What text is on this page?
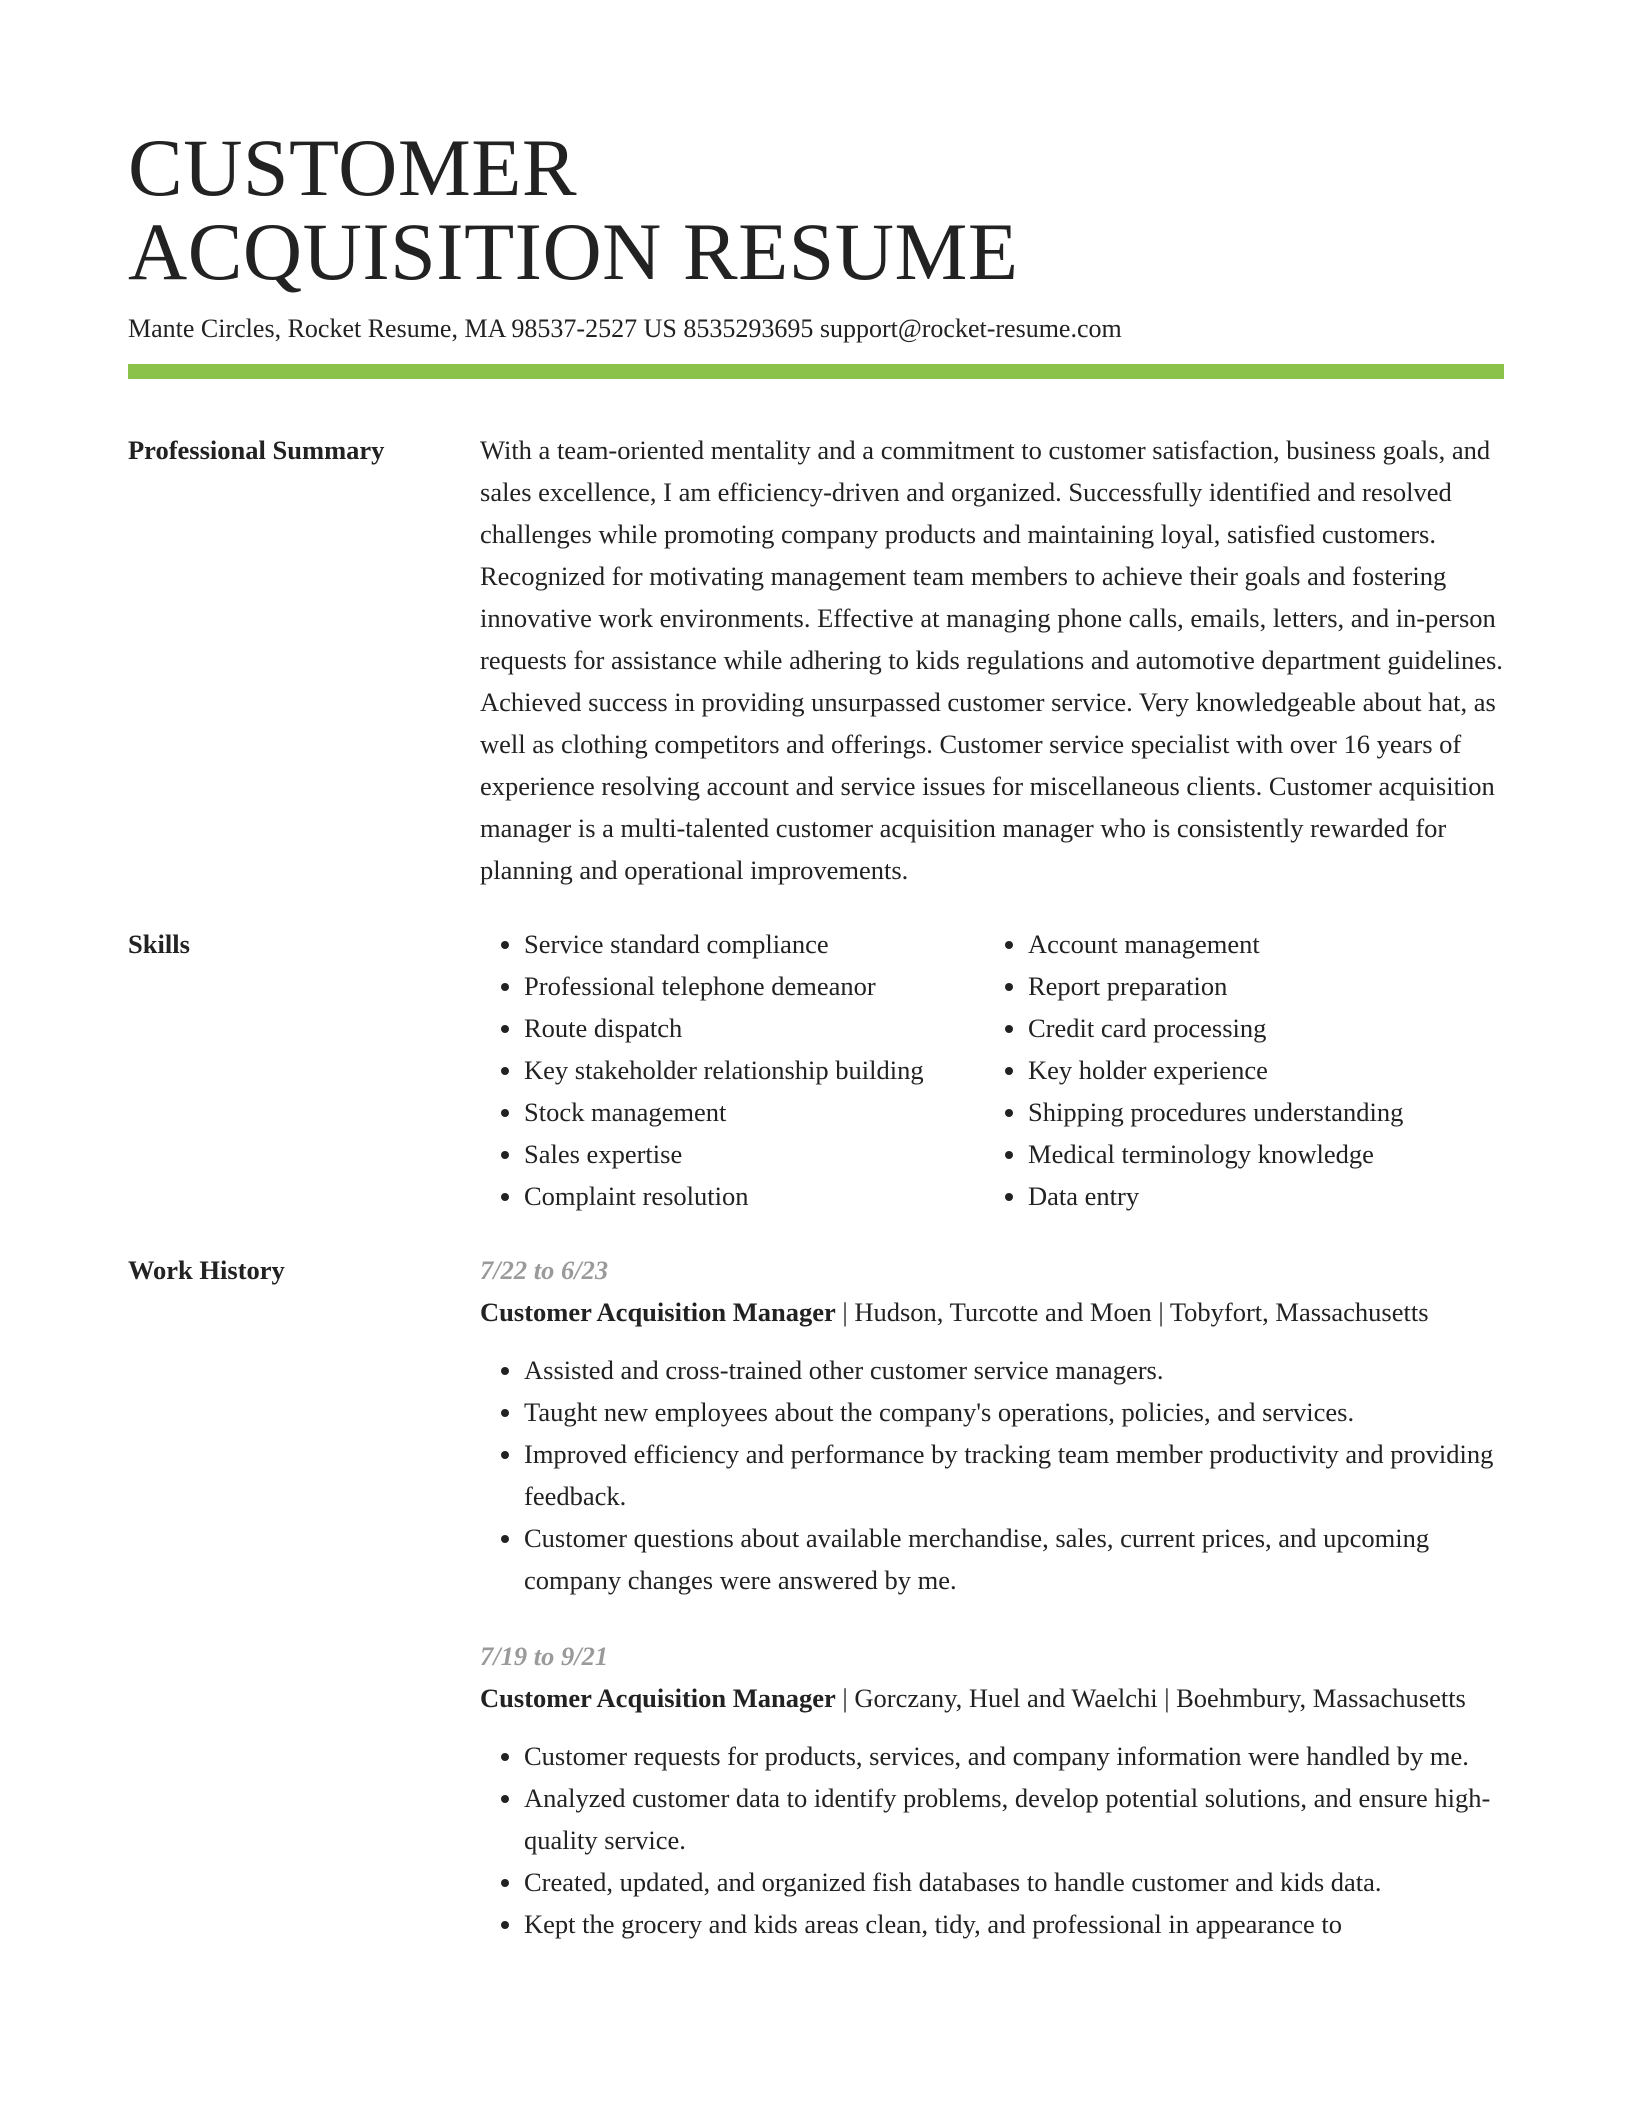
CUSTOMER
ACQUISITION RESUME
Mante Circles, Rocket Resume, MA 98537-2527 US 8535293695 support@rocket-resume.com
Professional Summary	With a team-oriented mentality and a commitment to customer satisfaction, business goals, and sales excellence, I am efficiency-driven and organized. Successfully identified and resolved challenges while promoting company products and maintaining loyal, satisfied customers. Recognized for motivating management team members to achieve their goals and fostering innovative work environments. Effective at managing phone calls, emails, letters, and in-person requests for assistance while adhering to kids regulations and automotive department guidelines. Achieved success in providing unsurpassed customer service. Very knowledgeable about hat, as well as clothing competitors and offerings. Customer service specialist with over 16 years of experience resolving account and service issues for miscellaneous clients. Customer acquisition manager is a multi-talented customer acquisition manager who is consistently rewarded for planning and operational improvements.

Skills
•	Service standard compliance
• Professional telephone demeanor
• Route dispatch
• Key stakeholder relationship building
• Stock management
• Sales expertise
• Complaint resolution
• Account management
• Report preparation
• Credit card processing
• Key holder experience
• Shipping procedures understanding
• Medical terminology knowledge
• Data entry
Work History	7/22 to 6/23
Customer Acquisition Manager | Hudson, Turcotte and Moen | Tobyfort, Massachusetts
• Assisted and cross-trained other customer service managers.
• Taught new employees about the company's operations, policies, and services.
• Improved efficiency and performance by tracking team member productivity and providing feedback.
• Customer questions about available merchandise, sales, current prices, and upcoming company changes were answered by me.
7/19 to 9/21
Customer Acquisition Manager | Gorczany, Huel and Waelchi | Boehmbury, Massachusetts
• Customer requests for products, services, and company information were handled by me.
• Analyzed customer data to identify problems, develop potential solutions, and ensure high-quality service.
• Created, updated, and organized fish databases to handle customer and kids data.
• Kept the grocery and kids areas clean, tidy, and professional in appearance to
